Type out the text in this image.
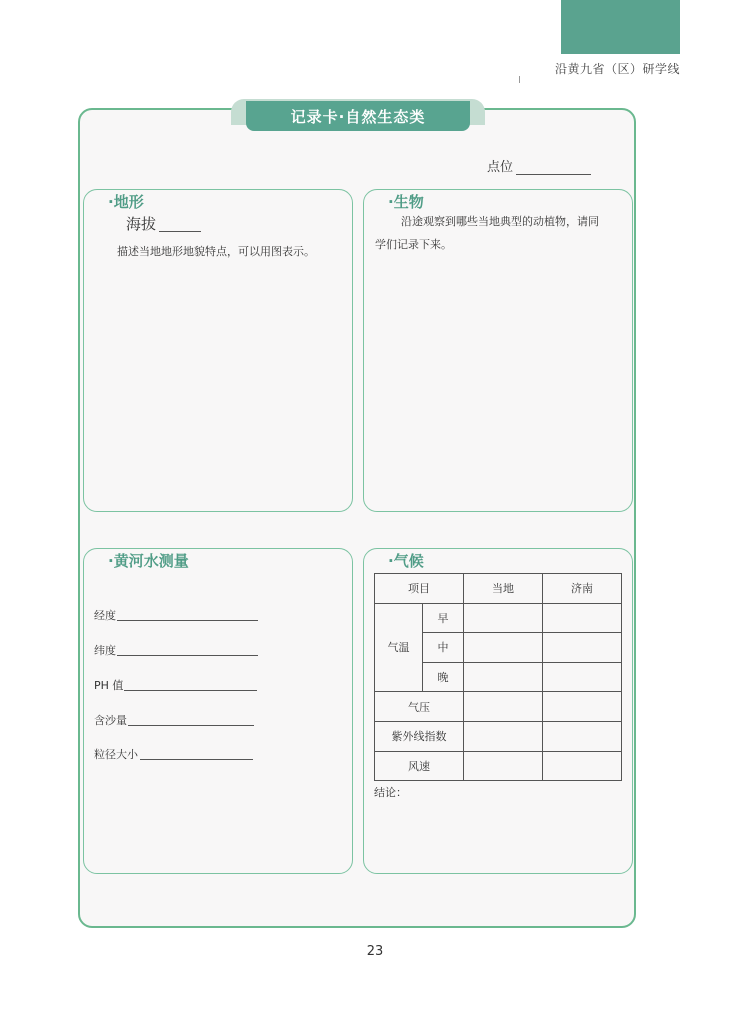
沿黄九省（区）研学线
记录卡·自然生态类
点位
·地形
海拔
描述当地地形地貌特点，可以用图表示。
·生物
沿途观察到哪些当地典型的动植物，请同
学们记录下来。
·黄河水测量
经度
纬度
PH 值
含沙量
粒径大小
·气候
项目		当地	济南
气温	早		
	中		
	晚		
气压			
紫外线指数			
风速			
结论：
23
